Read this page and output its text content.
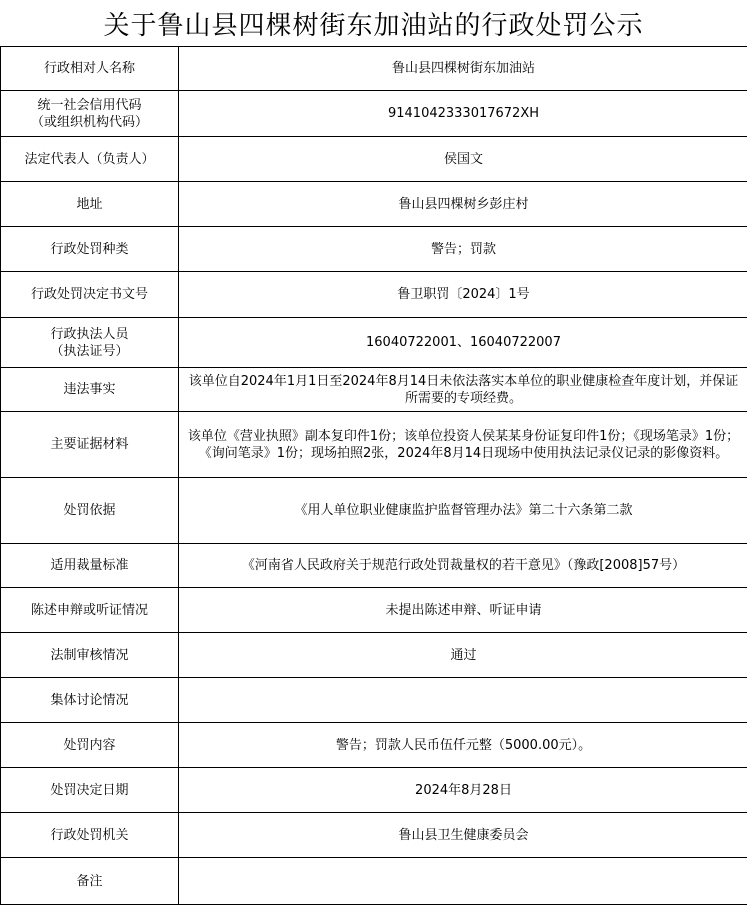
关于鲁山县四棵树街东加油站的行政处罚公示
行政相对人名称	鲁山县四棵树街东加油站

统一社会信用代码
（或组织机构代码）	9141042333017672XH
法定代表人（负责人）	侯国文
地址	鲁山县四棵树乡彭庄村
行政处罚种类	警告；罚款
行政处罚决定书文号	鲁卫职罚〔2024〕1号

行政执法人员
（执法证号）	16040722001、16040722007
违法事实	该单位自2024年1月1日至2024年8月14日未依法落实本单位的职业健康检查年度计划，并保证所需要的专项经费。
主要证据材料	该单位《营业执照》副本复印件1份；该单位投资人侯某某身份证复印件1份；《现场笔录》1份；《询问笔录》1份；现场拍照2张，2024年8月14日现场中使用执法记录仪记录的影像资料。
处罚依据	《用人单位职业健康监护监督管理办法》第二十六条第二款
适用裁量标准	《河南省人民政府关于规范行政处罚裁量权的若干意见》（豫政[2008]57号）
陈述申辩或听证情况	未提出陈述申辩、听证申请
法制审核情况	通过
集体讨论情况	
处罚内容	警告；罚款人民币伍仟元整（5000.00元）。
处罚决定日期	2024年8月28日
行政处罚机关	鲁山县卫生健康委员会
备注	
